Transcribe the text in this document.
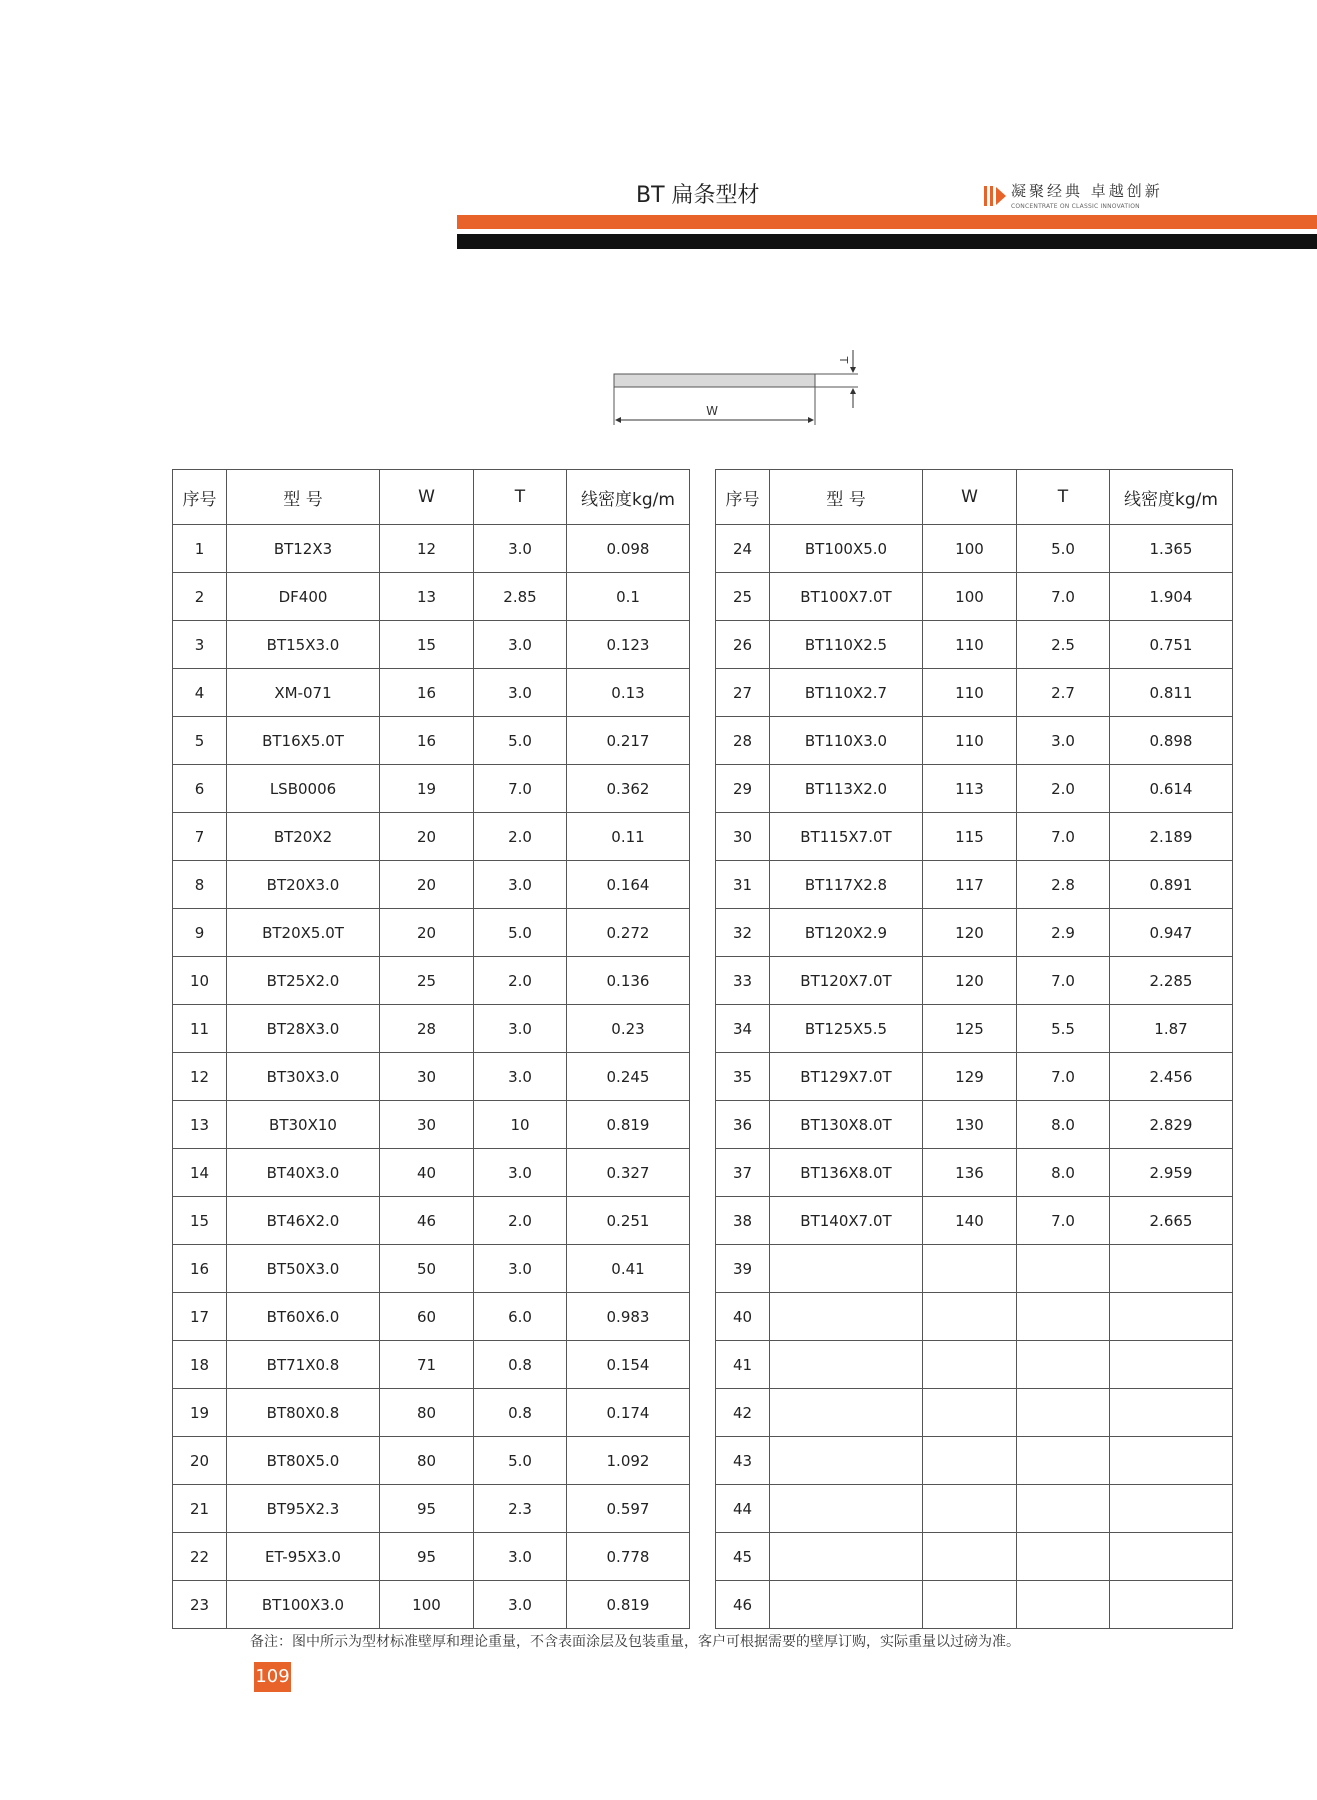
BT 扁条型材	凝聚经典 卓越创新
CONCENTRATE ON CLASSIC INNOVATION
W
T
序号	型 号	W	T	线密度kg/m
1	BT12X3	12	3.0	0.098
2	DF400	13	2.85	0.1
3	BT15X3.0	15	3.0	0.123
4	XM-071	16	3.0	0.13
5	BT16X5.0T	16	5.0	0.217
6	LSB0006	19	7.0	0.362
7	BT20X2	20	2.0	0.11
8	BT20X3.0	20	3.0	0.164
9	BT20X5.0T	20	5.0	0.272
10	BT25X2.0	25	2.0	0.136
11	BT28X3.0	28	3.0	0.23
12	BT30X3.0	30	3.0	0.245
13	BT30X10	30	10	0.819
14	BT40X3.0	40	3.0	0.327
15	BT46X2.0	46	2.0	0.251
16	BT50X3.0	50	3.0	0.41
17	BT60X6.0	60	6.0	0.983
18	BT71X0.8	71	0.8	0.154
19	BT80X0.8	80	0.8	0.174
20	BT80X5.0	80	5.0	1.092
21	BT95X2.3	95	2.3	0.597
22	ET-95X3.0	95	3.0	0.778
23	BT100X3.0	100	3.0	0.819
序号	型 号	W	T	线密度kg/m
24	BT100X5.0	100	5.0	1.365
25	BT100X7.0T	100	7.0	1.904
26	BT110X2.5	110	2.5	0.751
27	BT110X2.7	110	2.7	0.811
28	BT110X3.0	110	3.0	0.898
29	BT113X2.0	113	2.0	0.614
30	BT115X7.0T	115	7.0	2.189
31	BT117X2.8	117	2.8	0.891
32	BT120X2.9	120	2.9	0.947
33	BT120X7.0T	120	7.0	2.285
34	BT125X5.5	125	5.5	1.87
35	BT129X7.0T	129	7.0	2.456
36	BT130X8.0T	130	8.0	2.829
37	BT136X8.0T	136	8.0	2.959
38	BT140X7.0T	140	7.0	2.665
39				
40				
41				
42				
43				
44				
45				
46				
备注：图中所示为型材标准壁厚和理论重量，不含表面涂层及包装重量，客户可根据需要的壁厚订购，实际重量以过磅为准。
109
